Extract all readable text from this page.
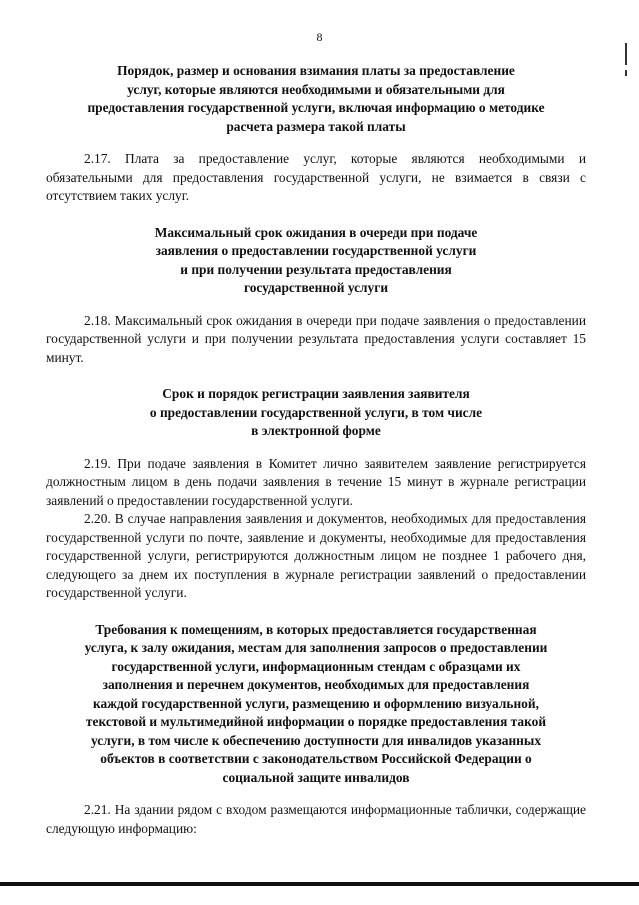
8

Порядок, размер и основания взимания платы за предоставление
услуг, которые являются необходимыми и обязательными для
предоставления государственной услуги, включая информацию о методике
расчета размера такой платы

2.17. Плата за предоставление услуг, которые являются необходимыми и обязательными для предоставления государственной услуги, не взимается в связи с отсутствием таких услуг.

Максимальный срок ожидания в очереди при подаче
заявления о предоставлении государственной услуги
и при получении результата предоставления
государственной услуги

2.18. Максимальный срок ожидания в очереди при подаче заявления о предоставлении государственной услуги и при получении результата предоставления услуги составляет 15 минут.

Срок и порядок регистрации заявления заявителя
о предоставлении государственной услуги, в том числе
в электронной форме

2.19. При подаче заявления в Комитет лично заявителем заявление регистрируется должностным лицом в день подачи заявления в течение 15 минут в журнале регистрации заявлений о предоставлении государственной услуги.

2.20. В случае направления заявления и документов, необходимых для предоставления государственной услуги по почте, заявление и документы, необходимые для предоставления государственной услуги, регистрируются должностным лицом не позднее 1 рабочего дня, следующего за днем их поступления в журнале регистрации заявлений о предоставлении государственной услуги.

Требования к помещениям, в которых предоставляется государственная
услуга, к залу ожидания, местам для заполнения запросов о предоставлении
государственной услуги, информационным стендам с образцами их
заполнения и перечнем документов, необходимых для предоставления
каждой государственной услуги, размещению и оформлению визуальной,
текстовой и мультимедийной информации о порядке предоставления такой
услуги, в том числе к обеспечению доступности для инвалидов указанных
объектов в соответствии с законодательством Российской Федерации о
социальной защите инвалидов

2.21. На здании рядом с входом размещаются информационные таблички, содержащие следующую информацию:
